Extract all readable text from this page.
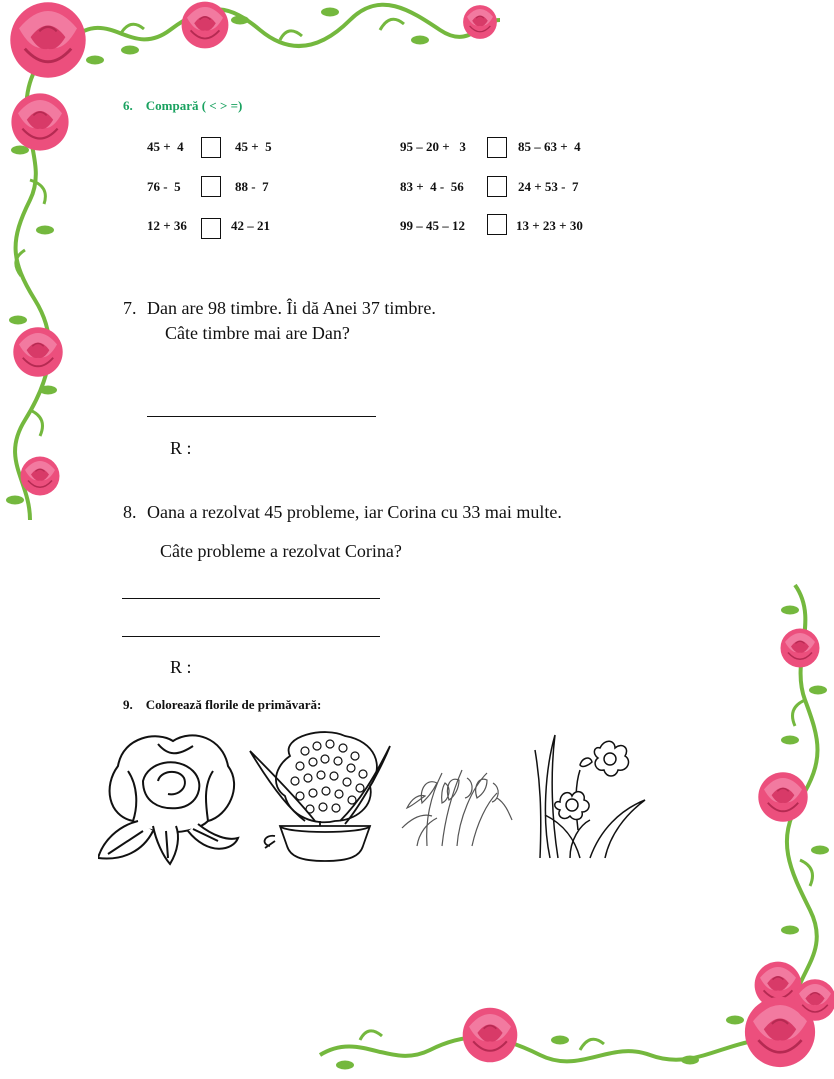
6. Compară ( < > =)
45 +  4	45 +  5
76 -  5	88 -  7
12 + 36	42 – 21
95 – 20 +   3	85 – 63 +  4
83 +  4 -  56	24 + 53 -  7
99 – 45 – 12	13 + 23 + 30
7. Dan are 98 timbre. Îi dă Anei 37 timbre.
Câte timbre mai are Dan?
R :
8. Oana a rezolvat 45 probleme, iar Corina cu 33 mai multe.
Câte probleme a rezolvat Corina?
R :
9. Colorează florile de primăvară:
